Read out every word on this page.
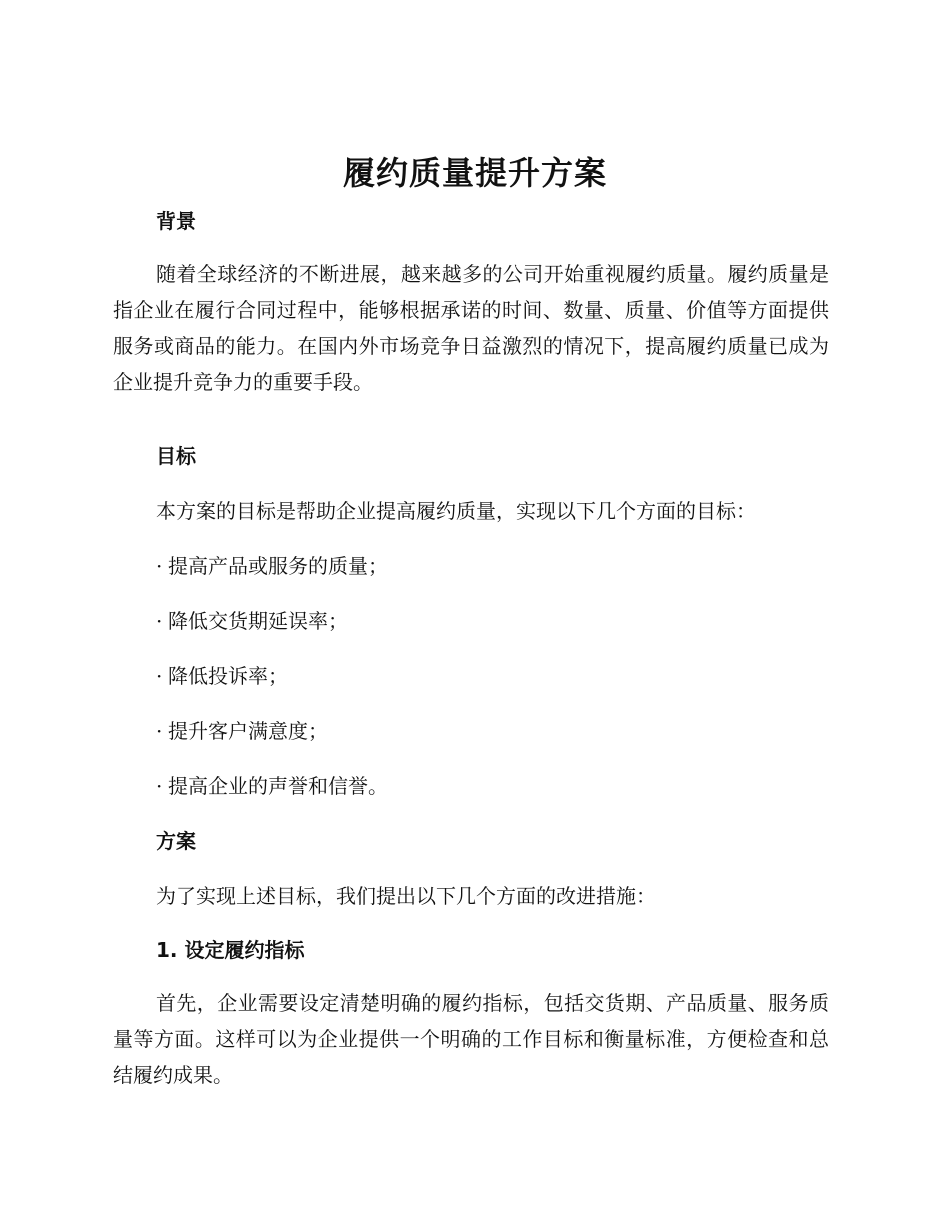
履约质量提升方案
背景

随着全球经济的不断进展，越来越多的公司开始重视履约质量。履约质量是指企业在履行合同过程中，能够根据承诺的时间、数量、质量、价值等方面提供服务或商品的能力。在国内外市场竞争日益激烈的情况下，提高履约质量已成为企业提升竞争力的重要手段。

目标

本方案的目标是帮助企业提高履约质量，实现以下几个方面的目标：

· 提高产品或服务的质量；

· 降低交货期延误率；

· 降低投诉率；

· 提升客户满意度；

· 提高企业的声誉和信誉。

方案

为了实现上述目标，我们提出以下几个方面的改进措施：

1. 设定履约指标

首先，企业需要设定清楚明确的履约指标，包括交货期、产品质量、服务质量等方面。这样可以为企业提供一个明确的工作目标和衡量标准，方便检查和总结履约成果。
